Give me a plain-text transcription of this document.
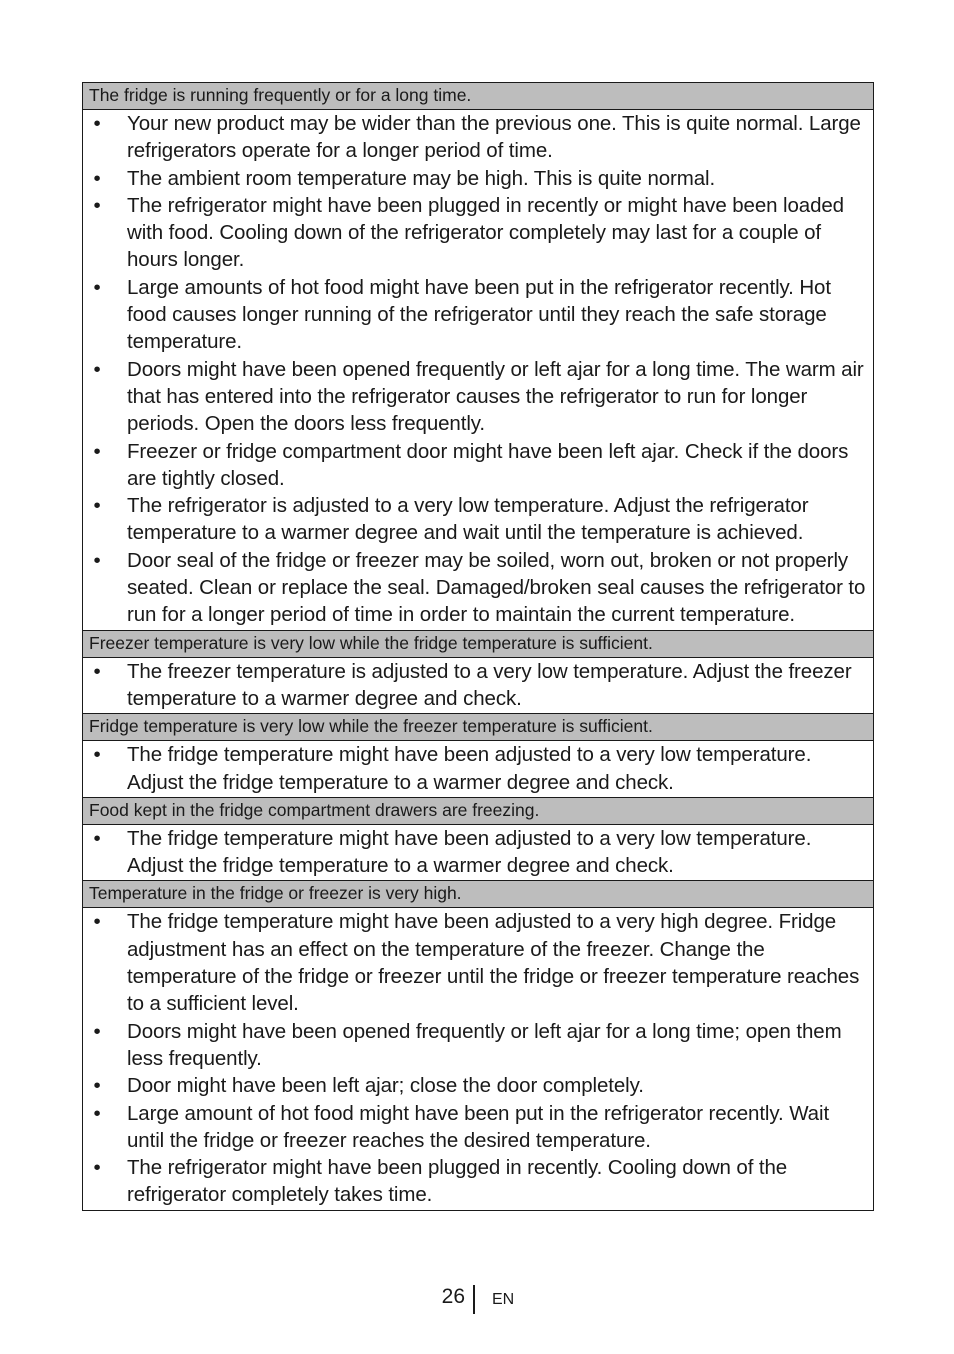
The fridge is running frequently or for a long time.
• Your new product may be wider than the previous one. This is quite normal. Large refrigerators operate for a longer period of time.
• The ambient room temperature may be high. This is quite normal.
• The refrigerator might have been plugged in recently or might have been loaded with food. Cooling down of the refrigerator completely may last for a couple of hours longer.
• Large amounts of hot food might have been put in the refrigerator recently. Hot food causes longer running of the refrigerator until they reach the safe storage temperature.
• Doors might have been opened frequently or left ajar for a long time. The warm air that has entered into the refrigerator causes the refrigerator to run for longer periods. Open the doors less frequently.
• Freezer or fridge compartment door might have been left ajar. Check if the doors are tightly closed.
• The refrigerator is adjusted to a very low temperature. Adjust the refrigerator temperature to a warmer degree and wait until the temperature is achieved.
• Door seal of the fridge or freezer may be soiled, worn out, broken or not properly seated. Clean or replace the seal. Damaged/broken seal causes the refrigerator to run for a longer period of time in order to maintain the current temperature.
Freezer temperature is very low while the fridge temperature is sufficient.
• The freezer temperature is adjusted to a very low temperature. Adjust the freezer temperature to a warmer degree and check.
Fridge temperature is very low while the freezer temperature is sufficient.
• The fridge temperature might have been adjusted to a very low temperature. Adjust the fridge temperature to a warmer degree and check.
Food kept in the fridge compartment drawers are freezing.
• The fridge temperature might have been adjusted to a very low temperature. Adjust the fridge temperature to a warmer degree and check.
Temperature in the fridge or freezer is very high.
• The fridge temperature might have been adjusted to a very high degree. Fridge adjustment has an effect on the temperature of the freezer. Change the temperature of the fridge or freezer until the fridge or freezer temperature reaches to a sufficient level.
• Doors might have been opened frequently or left ajar for a long time; open them less frequently.
• Door might have been left ajar; close the door completely.
• Large amount of hot food might have been put in the refrigerator recently. Wait until the fridge or freezer reaches the desired temperature.
• The refrigerator might have been plugged in recently. Cooling down of the refrigerator completely takes time.
26 EN
